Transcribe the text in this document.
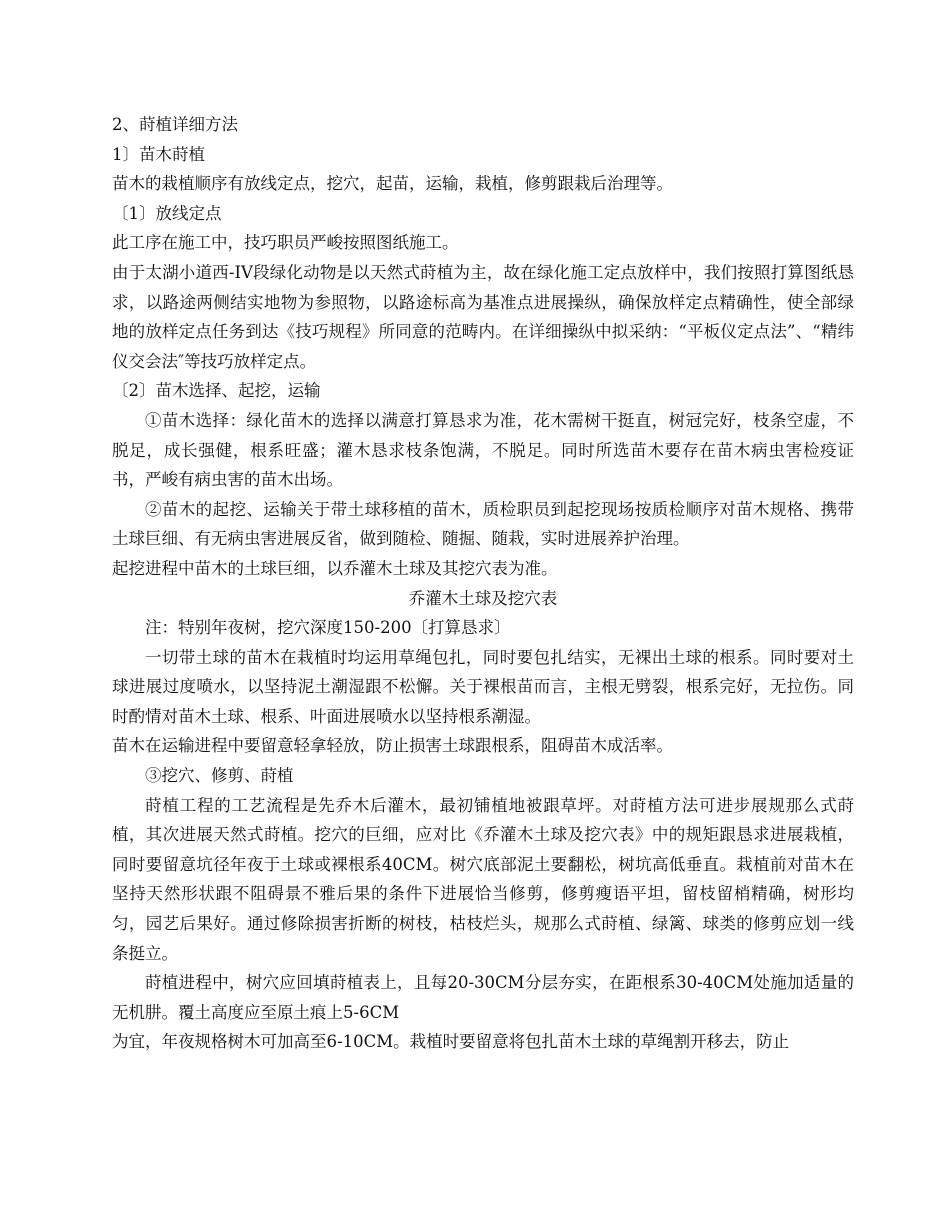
2、莳植详细方法

1〕苗木莳植

苗木的栽植顺序有放线定点，挖穴，起苗，运输，栽植，修剪跟栽后治理等。

〔1〕放线定点

此工序在施工中，技巧职员严峻按照图纸施工。

由于太湖小道西-IV段绿化动物是以天然式莳植为主，故在绿化施工定点放样中，我们按照打算图纸恳求，以路途两侧结实地物为参照物，以路途标高为基准点进展操纵，确保放样定点精确性，使全部绿地的放样定点任务到达《技巧规程》所同意的范畴内。在详细操纵中拟采纳：“平板仪定点法”、“精纬仪交会法″等技巧放样定点。

〔2〕苗木选择、起挖，运输

①苗木选择：绿化苗木的选择以满意打算恳求为准，花木需树干挺直，树冠完好，枝条空虚，不脱足，成长强健，根系旺盛；灌木恳求枝条饱满，不脱足。同时所选苗木要存在苗木病虫害检疫证书，严峻有病虫害的苗木出场。

②苗木的起挖、运输关于带土球移植的苗木，质检职员到起挖现场按质检顺序对苗木规格、携带土球巨细、有无病虫害进展反省，做到随检、随掘、随栽，实时进展养护治理。

起挖进程中苗木的土球巨细，以乔灌木土球及其挖穴表为准。

乔灌木土球及挖穴表

注：特别年夜树，挖穴深度150-200〔打算恳求〕

一切带土球的苗木在栽植时均运用草绳包扎，同时要包扎结实，无裸出土球的根系。同时要对土球进展过度喷水，以坚持泥土潮湿跟不松懈。关于裸根苗而言，主根无劈裂，根系完好，无拉伤。同时酌情对苗木土球、根系、叶面进展喷水以坚持根系潮湿。

苗木在运输进程中要留意轻拿轻放，防止损害土球跟根系，阻碍苗木成活率。

③挖穴、修剪、莳植

莳植工程的工艺流程是先乔木后灌木，最初铺植地被跟草坪。对莳植方法可进步展规那么式莳植，其次进展天然式莳植。挖穴的巨细，应对比《乔灌木土球及挖穴表》中的规矩跟恳求进展栽植，同时要留意坑径年夜于土球或裸根系40CM。树穴底部泥土要翻松，树坑高低垂直。栽植前对苗木在坚持天然形状跟不阻碍景不雅后果的条件下进展恰当修剪，修剪瘦语平坦，留枝留梢精确，树形均匀，园艺后果好。通过修除损害折断的树枝，枯枝烂头，规那么式莳植、绿篱、球类的修剪应划一线条挺立。

莳植进程中，树穴应回填莳植表上，且每20-30CM分层夯实，在距根系30-40CM处施加适量的无机肼。覆土高度应至原土痕上5-6CM

为宜，年夜规格树木可加高至6-10CM。栽植时要留意将包扎苗木土球的草绳割开移去，防止
